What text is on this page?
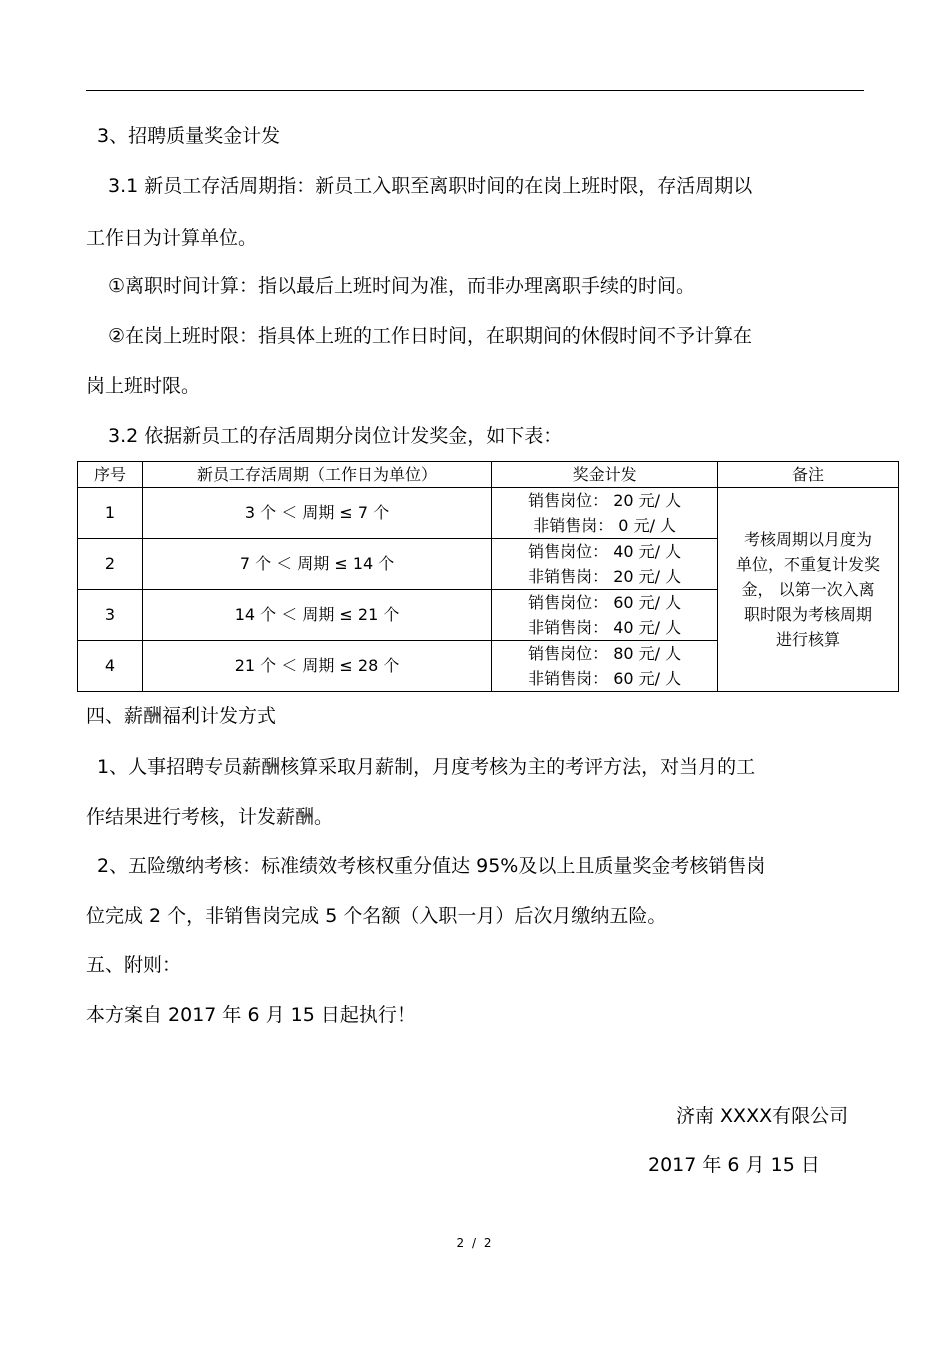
3、招聘质量奖金计发
3.1 新员工存活周期指：新员工入职至离职时间的在岗上班时限，存活周期以
工作日为计算单位。
①离职时间计算：指以最后上班时间为准，而非办理离职手续的时间。
②在岗上班时限：指具体上班的工作日时间，在职期间的休假时间不予计算在
岗上班时限。
3.2 依据新员工的存活周期分岗位计发奖金，如下表：
序号	新员工存活周期（工作日为单位）	奖金计发	备注
1	3 个 ＜ 周期 ≤ 7 个	销售岗位： 20 元/ 人
非销售岗： 0 元/ 人	考核周期以月度为
单位，不重复计发奖
金， 以第一次入离
职时限为考核周期
进行核算

2	7 个 ＜ 周期 ≤ 14 个	销售岗位： 40 元/ 人
非销售岗： 20 元/ 人	

3	14 个 ＜ 周期 ≤ 21 个	销售岗位： 60 元/ 人
非销售岗： 40 元/ 人	

4	21 个 ＜ 周期 ≤ 28 个	销售岗位： 80 元/ 人
非销售岗： 60 元/ 人	
四、薪酬福利计发方式
1、人事招聘专员薪酬核算采取月薪制，月度考核为主的考评方法，对当月的工
作结果进行考核，计发薪酬。
2、五险缴纳考核：标准绩效考核权重分值达 95%及以上且质量奖金考核销售岗
位完成 2 个，非销售岗完成 5 个名额（入职一月）后次月缴纳五险。
五、附则：
本方案自 2017 年 6 月 15 日起执行！
济南 XXXX有限公司
2017 年 6 月 15 日
2 / 2
